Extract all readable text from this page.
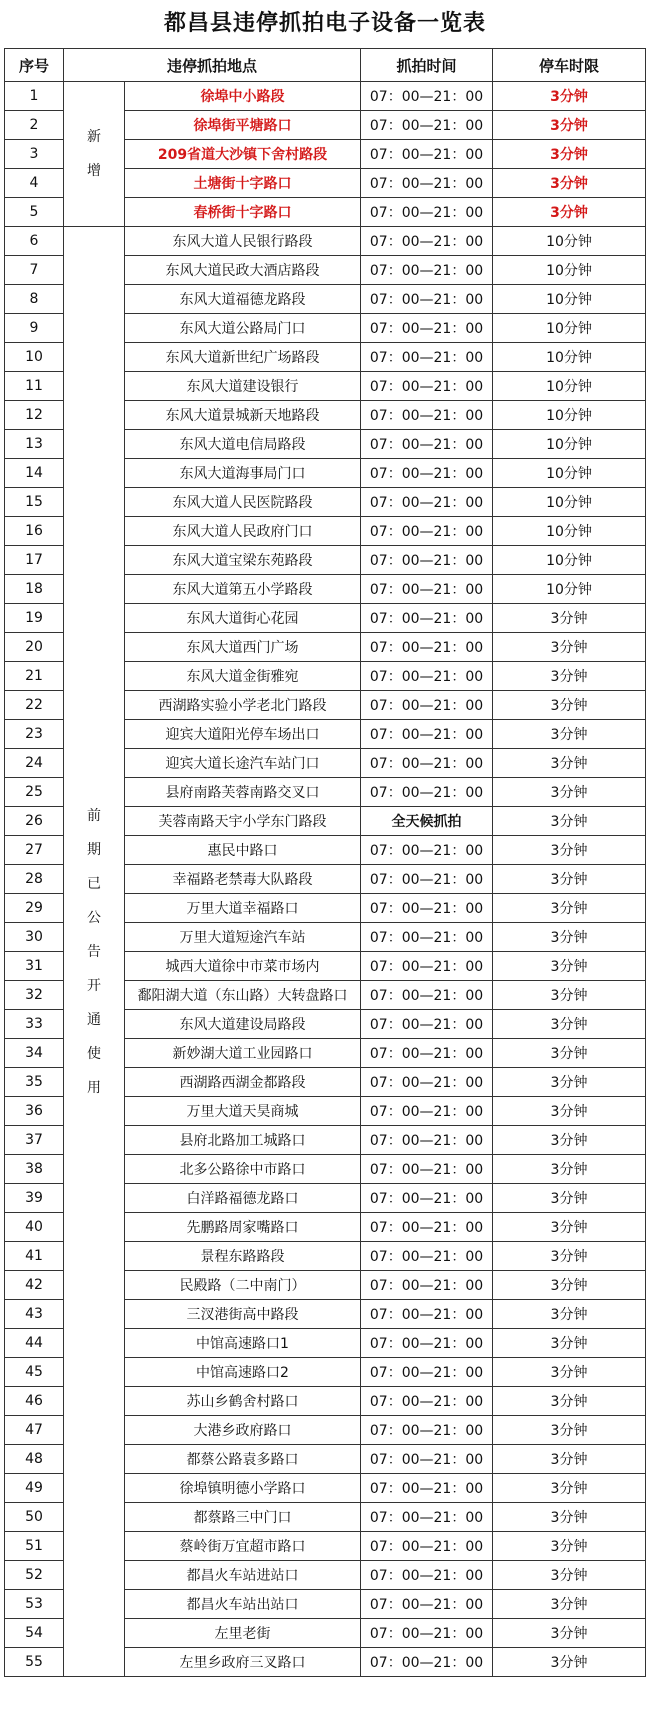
都昌县违停抓拍电子设备一览表
序号	违停抓拍地点		抓拍时间	停车时限
1	新增	徐埠中小路段	07：00—21：00	3分钟
2		徐埠街平塘路口	07：00—21：00	3分钟
3		209省道大沙镇下舍村路段	07：00—21：00	3分钟
4		土塘街十字路口	07：00—21：00	3分钟
5		春桥街十字路口	07：00—21：00	3分钟
6	前期已公告开通使用	东风大道人民银行路段	07：00—21：00	10分钟
7		东风大道民政大酒店路段	07：00—21：00	10分钟
8		东风大道福德龙路段	07：00—21：00	10分钟
9		东风大道公路局门口	07：00—21：00	10分钟
10		东风大道新世纪广场路段	07：00—21：00	10分钟
11		东风大道建设银行	07：00—21：00	10分钟
12		东风大道景城新天地路段	07：00—21：00	10分钟
13		东风大道电信局路段	07：00—21：00	10分钟
14		东风大道海事局门口	07：00—21：00	10分钟
15		东风大道人民医院路段	07：00—21：00	10分钟
16		东风大道人民政府门口	07：00—21：00	10分钟
17		东风大道宝梁东苑路段	07：00—21：00	10分钟
18		东风大道第五小学路段	07：00—21：00	10分钟
19		东风大道街心花园	07：00—21：00	3分钟
20		东风大道西门广场	07：00—21：00	3分钟
21		东风大道金街雅宛	07：00—21：00	3分钟
22		西湖路实验小学老北门路段	07：00—21：00	3分钟
23		迎宾大道阳光停车场出口	07：00—21：00	3分钟
24		迎宾大道长途汽车站门口	07：00—21：00	3分钟
25		县府南路芙蓉南路交叉口	07：00—21：00	3分钟
26		芙蓉南路天宇小学东门路段	全天候抓拍	3分钟
27		惠民中路口	07：00—21：00	3分钟
28		幸福路老禁毒大队路段	07：00—21：00	3分钟
29		万里大道幸福路口	07：00—21：00	3分钟
30		万里大道短途汽车站	07：00—21：00	3分钟
31		城西大道徐中市菜市场内	07：00—21：00	3分钟
32		鄱阳湖大道（东山路）大转盘路口	07：00—21：00	3分钟
33		东风大道建设局路段	07：00—21：00	3分钟
34		新妙湖大道工业园路口	07：00—21：00	3分钟
35		西湖路西湖金都路段	07：00—21：00	3分钟
36		万里大道天昊商城	07：00—21：00	3分钟
37		县府北路加工城路口	07：00—21：00	3分钟
38		北多公路徐中市路口	07：00—21：00	3分钟
39		白洋路福德龙路口	07：00—21：00	3分钟
40		先鹏路周家嘴路口	07：00—21：00	3分钟
41		景程东路路段	07：00—21：00	3分钟
42		民殿路（二中南门）	07：00—21：00	3分钟
43		三汊港街高中路段	07：00—21：00	3分钟
44		中馆高速路口1	07：00—21：00	3分钟
45		中馆高速路口2	07：00—21：00	3分钟
46		苏山乡鹤舍村路口	07：00—21：00	3分钟
47		大港乡政府路口	07：00—21：00	3分钟
48		都蔡公路袁多路口	07：00—21：00	3分钟
49		徐埠镇明德小学路口	07：00—21：00	3分钟
50		都蔡路三中门口	07：00—21：00	3分钟
51		蔡岭街万宜超市路口	07：00—21：00	3分钟
52		都昌火车站进站口	07：00—21：00	3分钟
53		都昌火车站出站口	07：00—21：00	3分钟
54		左里老街	07：00—21：00	3分钟
55		左里乡政府三叉路口	07：00—21：00	3分钟
